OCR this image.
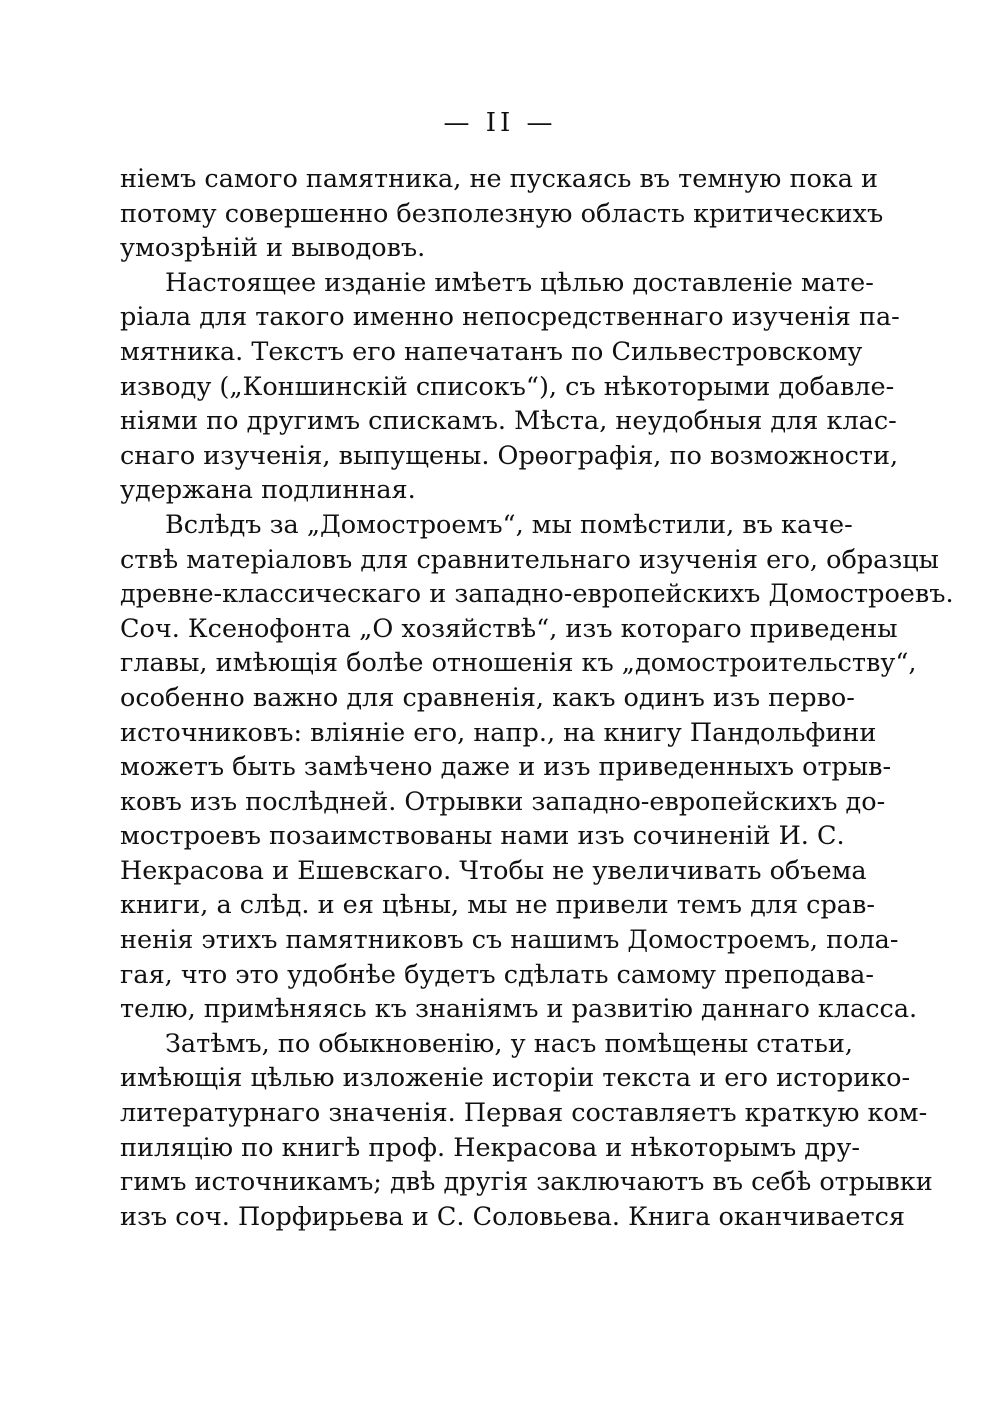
— II —
ніемъ самого памятника, не пускаясь въ темную пока и
потому совершенно безполезную область критическихъ
умозрѣній и выводовъ.
Настоящее изданіе имѣетъ цѣлью доставленіе мате-
ріала для такого именно непосредственнаго изученія па-
мятника. Текстъ его напечатанъ по Сильвестровскому
изводу („Коншинскій списокъ“), съ нѣкоторыми добавле-
ніями по другимъ спискамъ. Мѣста, неудобныя для клас-
снаго изученія, выпущены. Орѳографія, по возможности,
удержана подлинная.
Вслѣдъ за „Домостроемъ“, мы помѣстили, въ каче-
ствѣ матеріаловъ для сравнительнаго изученія его, образцы
древне-классическаго и западно-европейскихъ Домостроевъ.
Соч. Ксенофонта „О хозяйствѣ“, изъ котораго приведены
главы, имѣющія болѣе отношенія къ „домостроительству“,
особенно важно для сравненія, какъ одинъ изъ перво-
источниковъ: вліяніе его, напр., на книгу Пандольфини
можетъ быть замѣчено даже и изъ приведенныхъ отрыв-
ковъ изъ послѣдней. Отрывки западно-европейскихъ до-
мостроевъ позаимствованы нами изъ сочиненій И. С.
Некрасова и Ешевскаго. Чтобы не увеличивать объема
книги, а слѣд. и ея цѣны, мы не привели темъ для срав-
ненія этихъ памятниковъ съ нашимъ Домостроемъ, пола-
гая, что это удобнѣе будетъ сдѣлать самому преподава-
телю, примѣняясь къ знаніямъ и развитію даннаго класса.
Затѣмъ, по обыкновенію, у насъ помѣщены статьи,
имѣющія цѣлью изложеніе исторіи текста и его историко-
литературнаго значенія. Первая составляетъ краткую ком-
пиляцію по книгѣ проф. Некрасова и нѣкоторымъ дру-
гимъ источникамъ; двѣ другія заключаютъ въ себѣ отрывки
изъ соч. Порфирьева и С. Соловьева. Книга оканчивается
